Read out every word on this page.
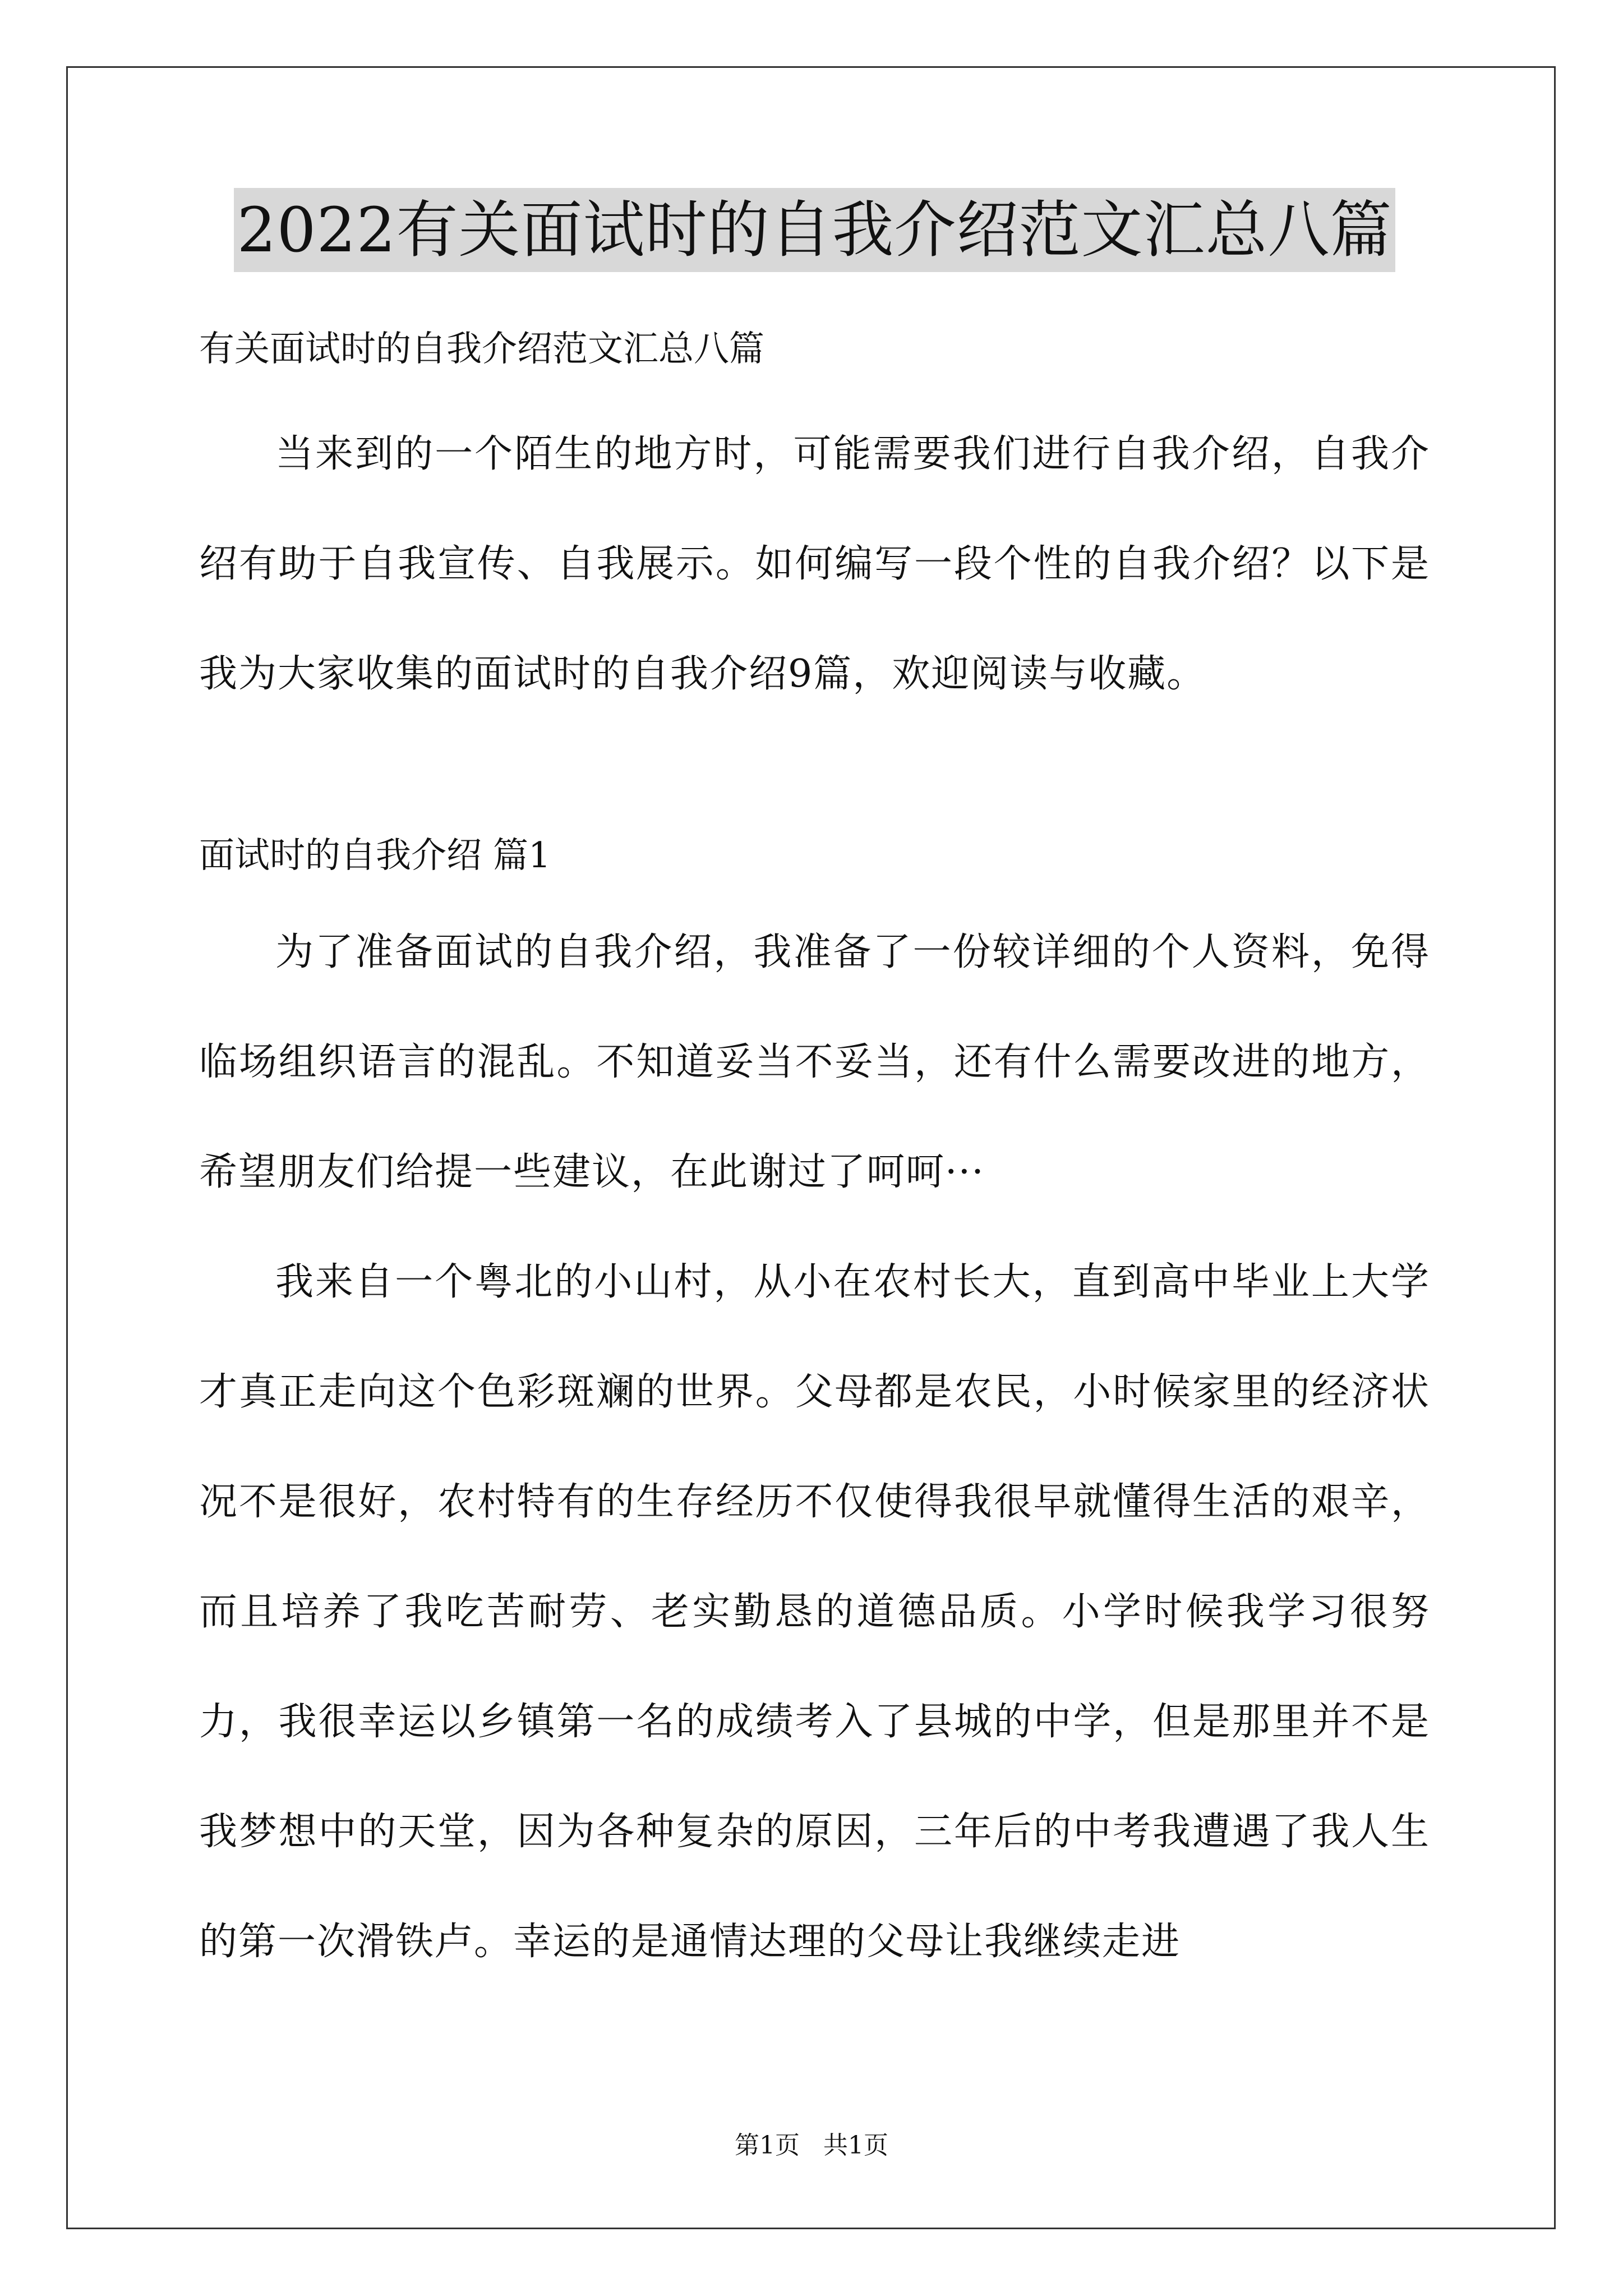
2022有关面试时的自我介绍范文汇总八篇
有关面试时的自我介绍范文汇总八篇

当来到的一个陌生的地方时，可能需要我们进行自我介绍，自我介绍有助于自我宣传、自我展示。如何编写一段个性的自我介绍？以下是我为大家收集的面试时的自我介绍9篇，欢迎阅读与收藏。

面试时的自我介绍 篇1

为了准备面试的自我介绍，我准备了一份较详细的个人资料，免得临场组织语言的混乱。不知道妥当不妥当，还有什么需要改进的地方，希望朋友们给提一些建议，在此谢过了呵呵···

我来自一个粤北的小山村，从小在农村长大，直到高中毕业上大学才真正走向这个色彩斑斓的世界。父母都是农民，小时候家里的经济状况不是很好，农村特有的生存经历不仅使得我很早就懂得生活的艰辛，而且培养了我吃苦耐劳、老实勤恳的道德品质。小学时候我学习很努力，我很幸运以乡镇第一名的成绩考入了县城的中学，但是那里并不是我梦想中的天堂，因为各种复杂的原因，三年后的中考我遭遇了我人生的第一次滑铁卢。幸运的是通情达理的父母让我继续走进

第1页   共1页
